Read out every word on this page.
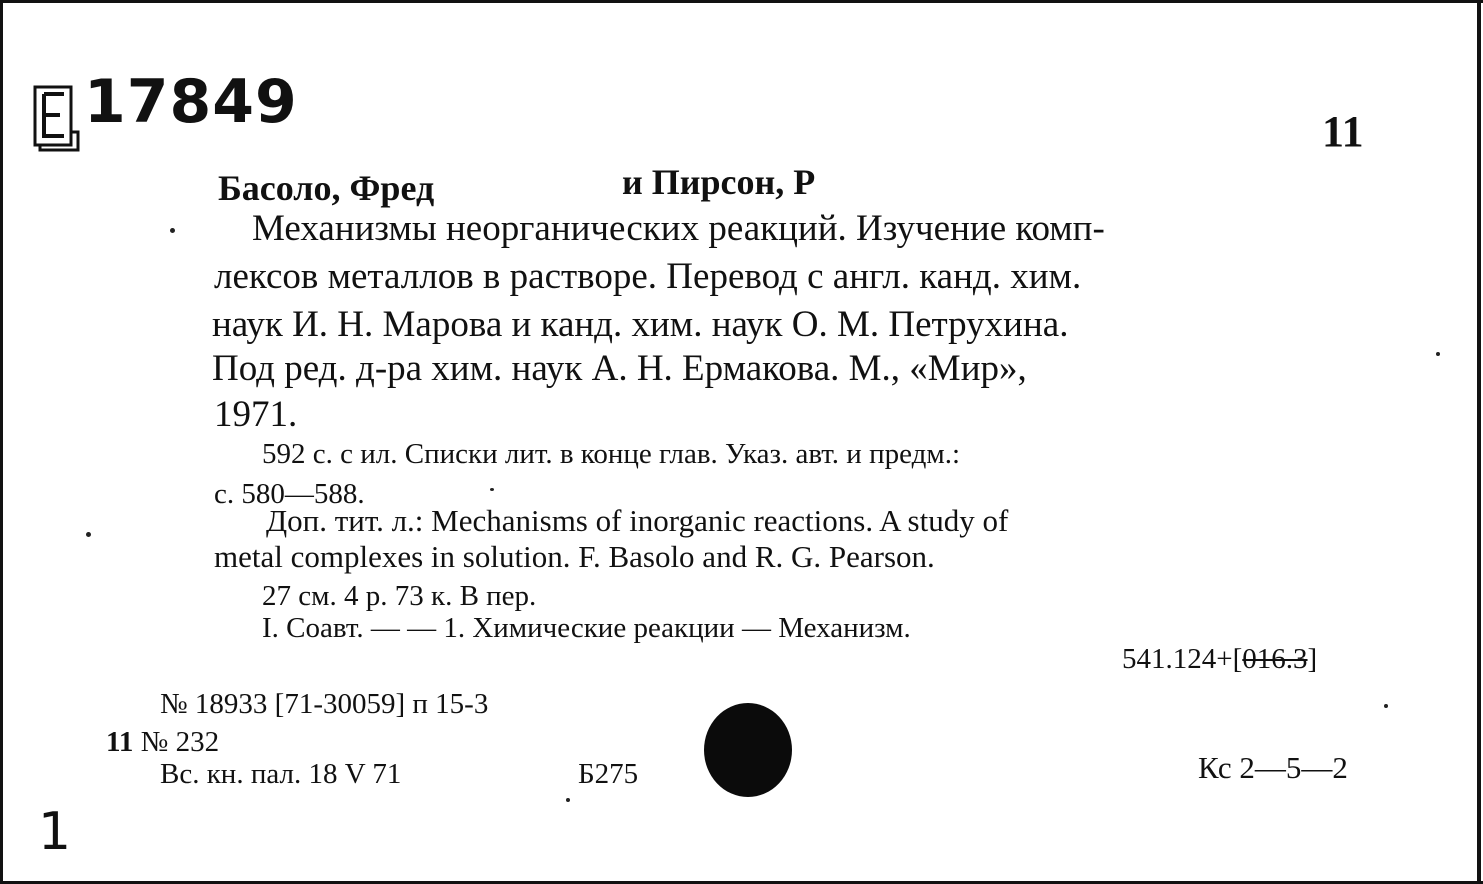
17849	11
Басоло, Фред	и Пирсон, Р
Механизмы неорганических реакций. Изучение комп-
лексов металлов в растворе. Перевод с англ. канд. хим.
наук И. Н. Марова и канд. хим. наук О. М. Петрухина.
Под ред. д-ра хим. наук А. Н. Ермакова. М., «Мир»,
1971.
592 с. с ил. Списки лит. в конце глав. Указ. авт. и предм.:
с. 580—588.
Доп. тит. л.: Mechanisms of inorganic reactions. A study of
metal complexes in solution. F. Basolo and R. G. Pearson.
27 см. 4 р. 73 к. В пер.
I. Соавт. — — 1. Химические реакции — Механизм.
541.124+[016.3]
№ 18933 [71-30059] п 15-3
11 № 232
Вс. кн. пал. 18 V 71	Б275	Кс 2—5—2
1
